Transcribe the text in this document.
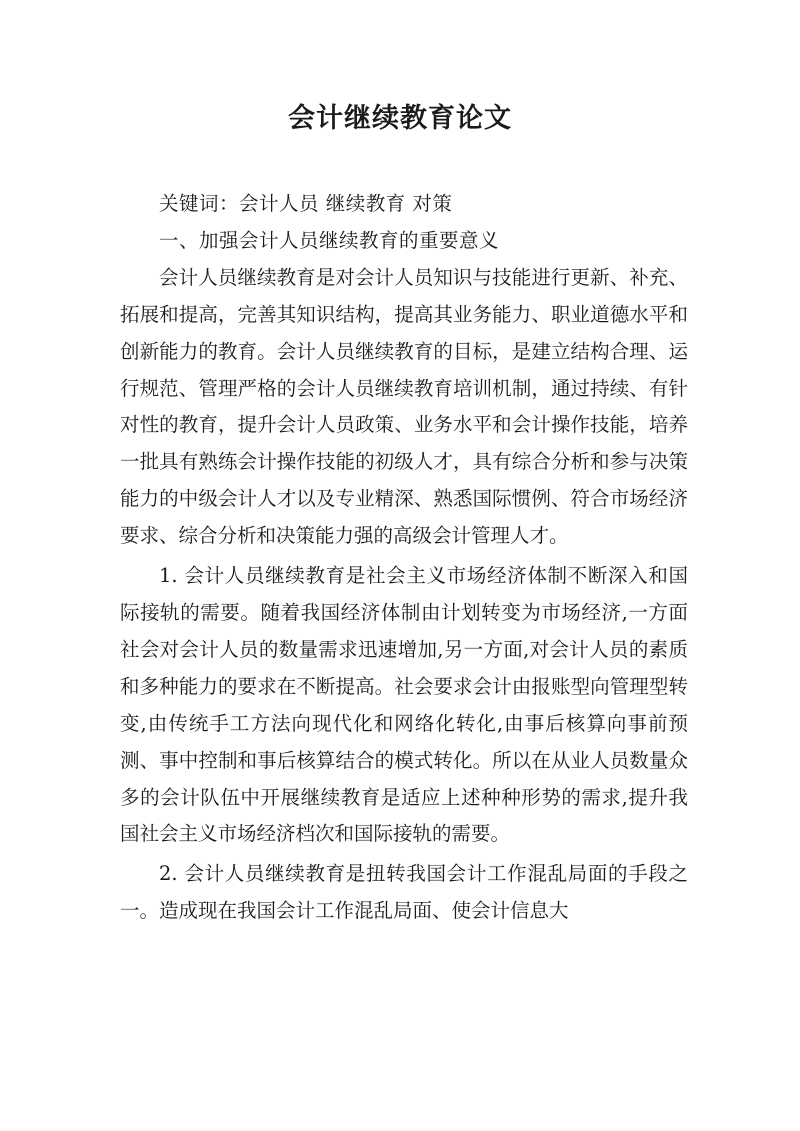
会计继续教育论文

关键词：会计人员 继续教育 对策

一、加强会计人员继续教育的重要意义

会计人员继续教育是对会计人员知识与技能进行更新、补充、拓展和提高，完善其知识结构，提高其业务能力、职业道德水平和创新能力的教育。会计人员继续教育的目标，是建立结构合理、运行规范、管理严格的会计人员继续教育培训机制，通过持续、有针对性的教育，提升会计人员政策、业务水平和会计操作技能，培养一批具有熟练会计操作技能的初级人才，具有综合分析和参与决策能力的中级会计人才以及专业精深、熟悉国际惯例、符合市场经济要求、综合分析和决策能力强的高级会计管理人才。

1. 会计人员继续教育是社会主义市场经济体制不断深入和国际接轨的需要。随着我国经济体制由计划转变为市场经济,一方面社会对会计人员的数量需求迅速增加,另一方面,对会计人员的素质和多种能力的要求在不断提高。社会要求会计由报账型向管理型转变,由传统手工方法向现代化和网络化转化,由事后核算向事前预测、事中控制和事后核算结合的模式转化。所以在从业人员数量众多的会计队伍中开展继续教育是适应上述种种形势的需求,提升我国社会主义市场经济档次和国际接轨的需要。

2. 会计人员继续教育是扭转我国会计工作混乱局面的手段之一。造成现在我国会计工作混乱局面、使会计信息大
